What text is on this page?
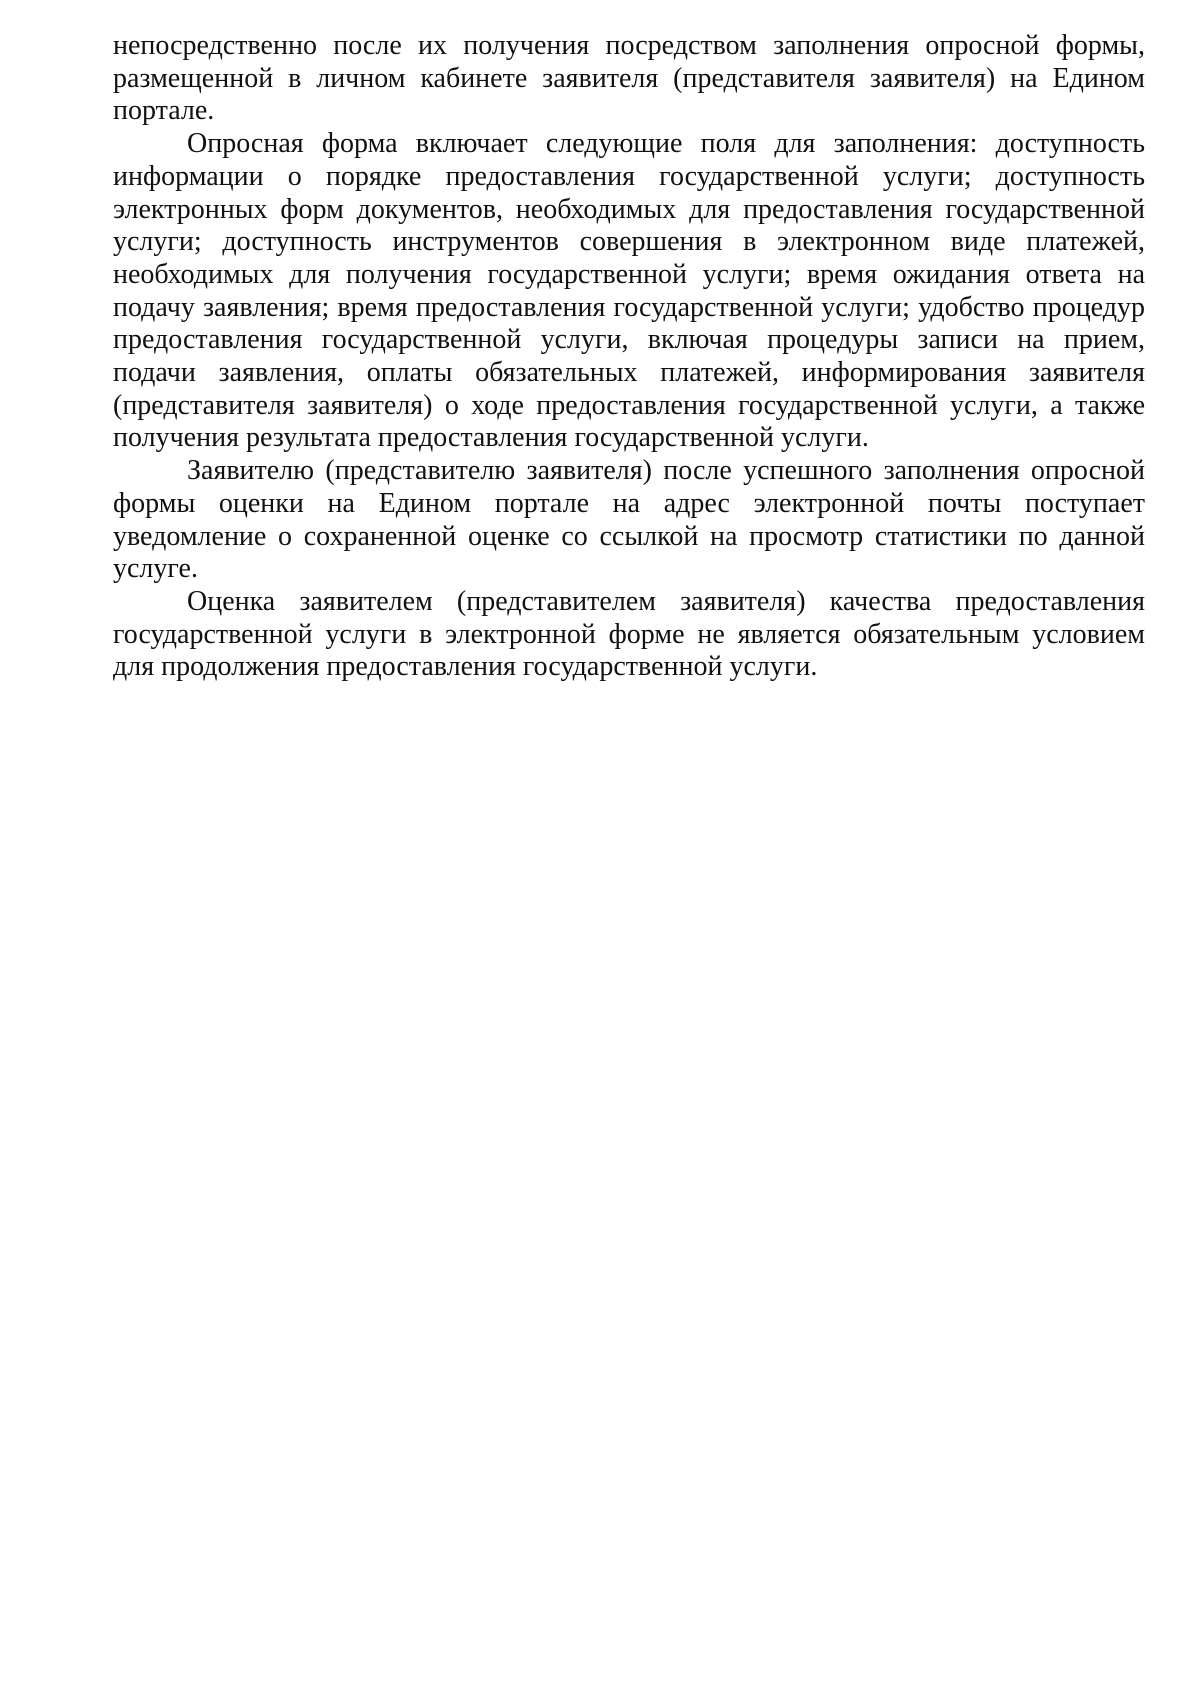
непосредственно после их получения посредством заполнения опросной формы, размещенной в личном кабинете заявителя (представителя заявителя) на Едином портале.

Опросная форма включает следующие поля для заполнения: доступность информации о порядке предоставления государственной услуги; доступность электронных форм документов, необходимых для предоставления государственной услуги; доступность инструментов совершения в электронном виде платежей, необходимых для получения государственной услуги; время ожидания ответа на подачу заявления; время предоставления государственной услуги; удобство процедур предоставления государственной услуги, включая процедуры записи на прием, подачи заявления, оплаты обязательных платежей, информирования заявителя (представителя заявителя) о ходе предоставления государственной услуги, а также получения результата предоставления государственной услуги.

Заявителю (представителю заявителя) после успешного заполнения опросной формы оценки на Едином портале на адрес электронной почты поступает уведомление о сохраненной оценке со ссылкой на просмотр статистики по данной услуге.

Оценка заявителем (представителем заявителя) качества предоставления государственной услуги в электронной форме не является обязательным условием для продолжения предоставления государственной услуги.
